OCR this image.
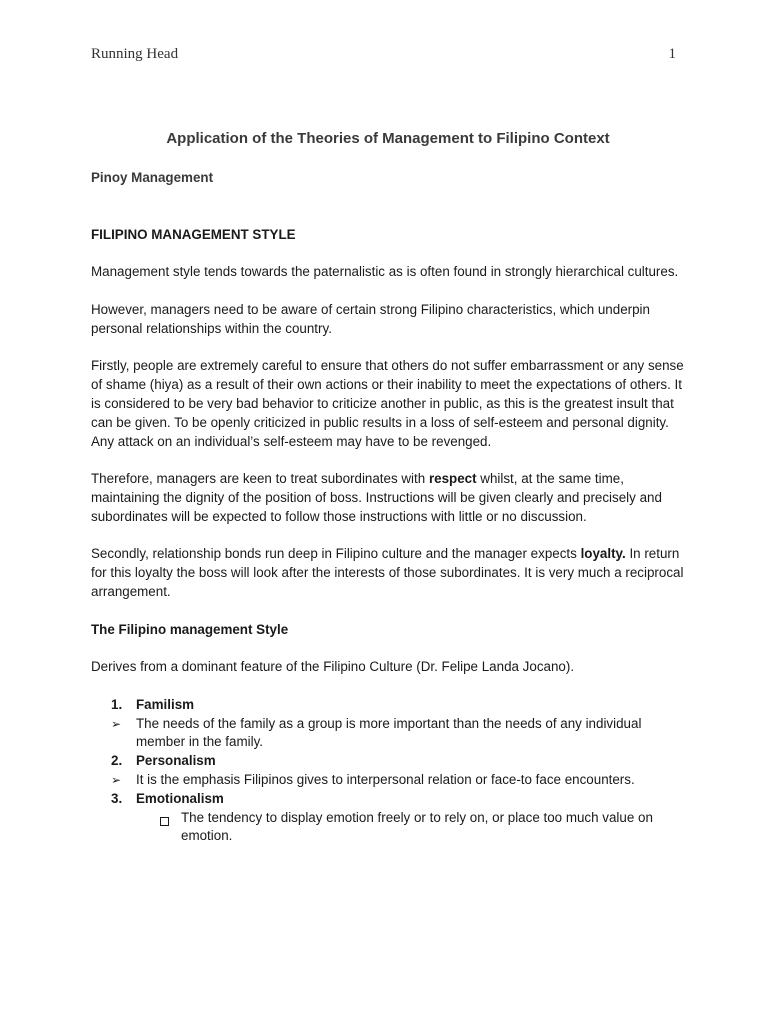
Running Head	1
Application of the Theories of Management to Filipino Context
Pinoy Management
FILIPINO MANAGEMENT STYLE

Management style tends towards the paternalistic as is often found in strongly hierarchical cultures.

However, managers need to be aware of certain strong Filipino characteristics, which underpin personal relationships within the country.

Firstly, people are extremely careful to ensure that others do not suffer embarrassment or any sense of shame (hiya) as a result of their own actions or their inability to meet the expectations of others. It is considered to be very bad behavior to criticize another in public, as this is the greatest insult that can be given. To be openly criticized in public results in a loss of self-esteem and personal dignity. Any attack on an individual’s self-esteem may have to be revenged.

Therefore, managers are keen to treat subordinates with respect whilst, at the same time, maintaining the dignity of the position of boss. Instructions will be given clearly and precisely and subordinates will be expected to follow those instructions with little or no discussion.

Secondly, relationship bonds run deep in Filipino culture and the manager expects loyalty. In return for this loyalty the boss will look after the interests of those subordinates. It is very much a reciprocal arrangement.

The Filipino management Style

Derives from a dominant feature of the Filipino Culture (Dr. Felipe Landa Jocano).

1.	Familism
➢	The needs of the family as a group is more important than the needs of any individual member in the family.
2.	Personalism
➢	It is the emphasis Filipinos gives to interpersonal relation or face-to face encounters.
3.	Emotionalism
The tendency to display emotion freely or to rely on, or place too much value on emotion.
